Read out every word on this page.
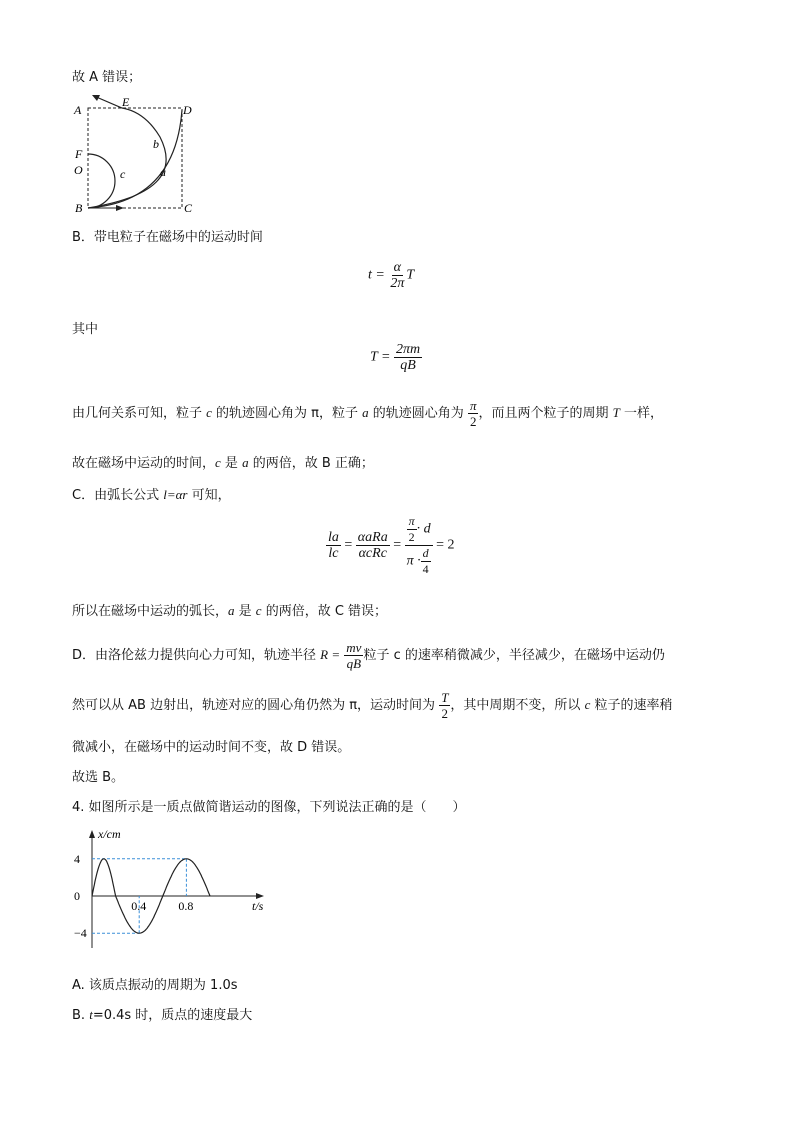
故 A 错误；
A
E
D
F
O
B	C
a
b
c
B．带电粒子在磁场中的运动时间
$t = \frac{\alpha}{2\pi}$ T
其中
$T = \frac{2\pi m}{qB}$
由几何关系可知，粒子 c 的轨迹圆心角为 π，粒子 a 的轨迹圆心角为 $\frac{\pi}{2}$ ，而且两个粒子的周期 T 一样，
故在磁场中运动的时间，c 是 a 的两倍，故 B 正确；
C．由弧长公式 l=αr 可知，
$\frac{la}{lc} = \frac{\text{αaRa}}{\text{αcRc}} = \frac{\frac{\pi}{2} \cdot d}{\pi \cdot \frac{d}{4}} = 2$
所以在磁场中运动的弧长，a 是 c 的两倍，故 C 错误；
D．由洛伦兹力提供向心力可知，轨迹半径 $R = \frac{mv}{qB}$ 粒子 c 的速率稍微减少，半径减少，在磁场中运动仍
然可以从 AB 边射出，轨迹对应的圆心角仍然为 π，运动时间为 $\frac{T}{2}$ ，其中周期不变，所以 c 粒子的速率稍
微减小，在磁场中的运动时间不变，故 D 错误。
故选 B。
4. 如图所示是一质点做简谐运动的图像，下列说法正确的是（　　）
4
0
−4
0.4	0.8
x/cm
t/s
A. 该质点振动的周期为 1.0s
B. t=0.4s 时，质点的速度最大
